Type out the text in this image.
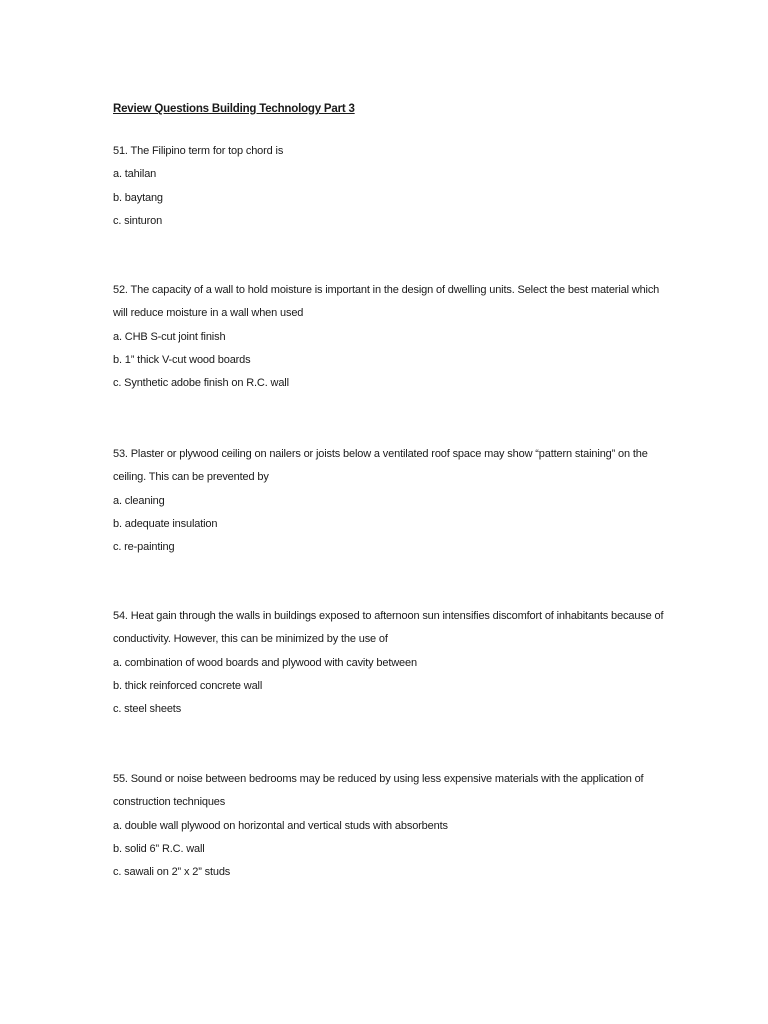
Review Questions Building Technology Part 3
51. The Filipino term for top chord is
a. tahilan
b. baytang
c. sinturon
52. The capacity of a wall to hold moisture is important in the design of dwelling units. Select the best material which
will reduce moisture in a wall when used
a. CHB S-cut joint finish
b. 1” thick V-cut wood boards
c. Synthetic adobe finish on R.C. wall
53. Plaster or plywood ceiling on nailers or joists below a ventilated roof space may show “pattern staining” on the
ceiling. This can be prevented by
a. cleaning
b. adequate insulation
c. re-painting
54. Heat gain through the walls in buildings exposed to afternoon sun intensifies discomfort of inhabitants because of
conductivity. However, this can be minimized by the use of
a. combination of wood boards and plywood with cavity between
b. thick reinforced concrete wall
c. steel sheets
55. Sound or noise between bedrooms may be reduced by using less expensive materials with the application of
construction techniques
a. double wall plywood on horizontal and vertical studs with absorbents
b. solid 6” R.C. wall
c. sawali on 2” x 2” studs
